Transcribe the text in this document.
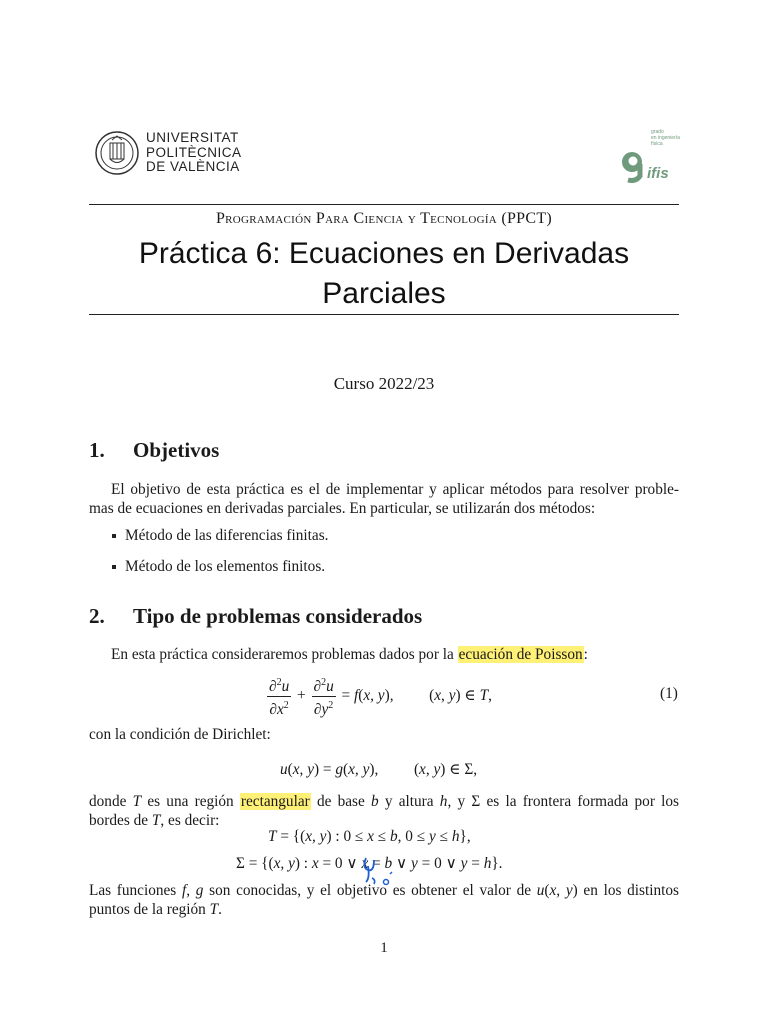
UNIVERSITAT
POLITÈCNICA
DE VALÈNCIA
grado
en ingeniería
física
ifis
Programación Para Ciencia y Tecnología (PPCT)
Práctica 6: Ecuaciones en Derivadas
Parciales
Curso 2022/23
1. Objetivos
El objetivo de esta práctica es el de implementar y aplicar métodos para resolver proble-
mas de ecuaciones en derivadas parciales. En particular, se utilizarán dos métodos:
Método de las diferencias finitas.
Método de los elementos finitos.
2. Tipo de problemas considerados
En esta práctica consideraremos problemas dados por la ecuación de Poisson:
$\frac{\partial^2u}{\partial x^2} + \frac{\partial^2u}{\partial y^2} = f(x$, y),  (x, y) ∈ T,	(1)
con la condición de Dirichlet:
u(x, y) = g(x, y),  (x, y) ∈ Σ,
donde T es una región rectangular de base b y altura h, y Σ es la frontera formada por los
bordes de T, es decir:
T = {(x, y) : 0 ≤ x ≤ b, 0 ≤ y ≤ h},
Σ = {(x, y) : x = 0 ∨ x = b ∨ y = 0 ∨ y = h}.
Las funciones f, g son conocidas, y el objetivo es obtener el valor de u(x, y) en los distintos
puntos de la región T.
1
